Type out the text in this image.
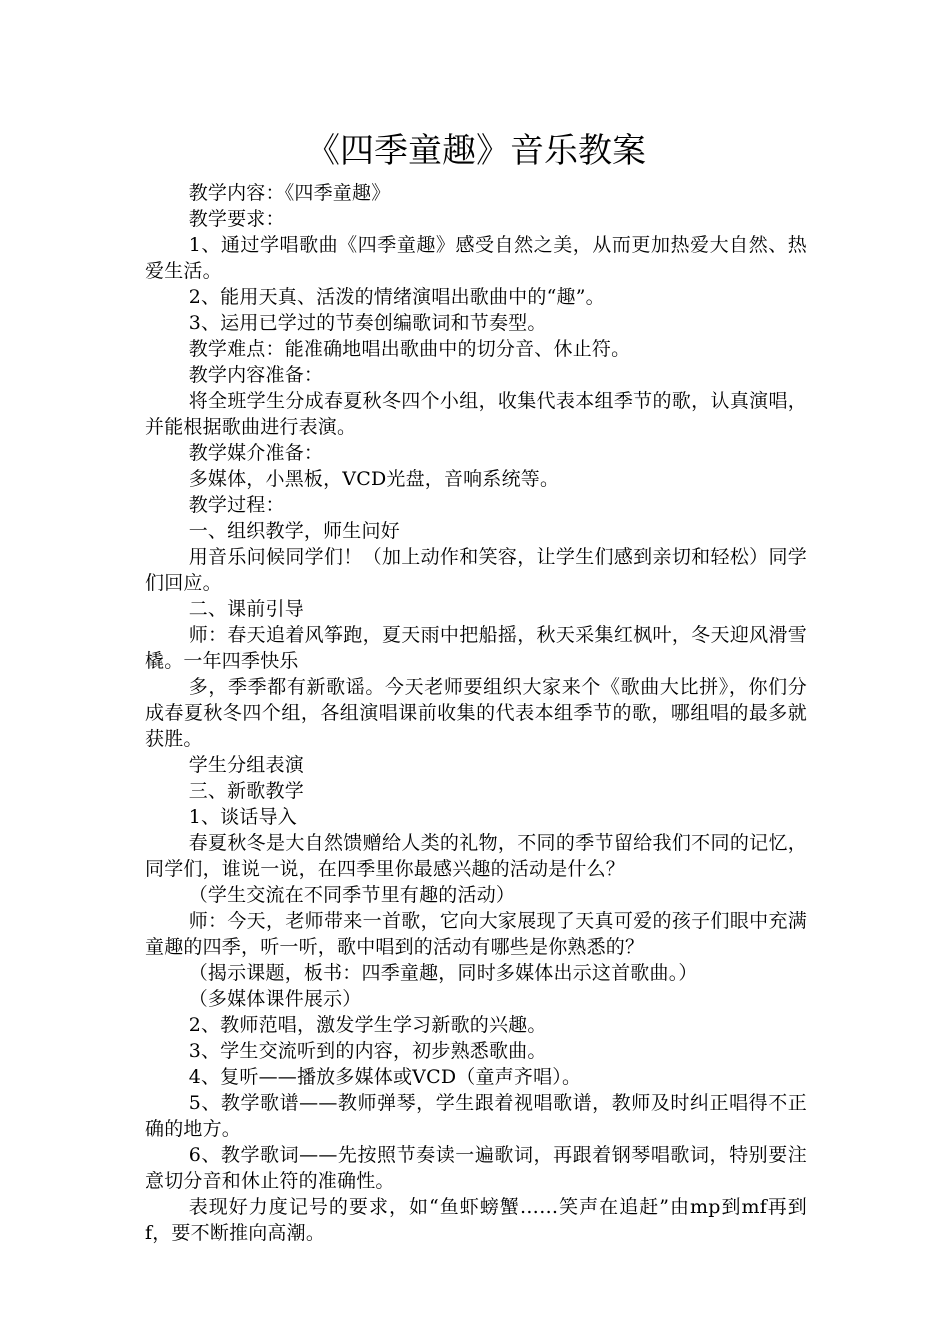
《四季童趣》音乐教案

教学内容：《四季童趣》

教学要求：

1、通过学唱歌曲《四季童趣》感受自然之美，从而更加热爱大自然、热爱生活。

2、能用天真、活泼的情绪演唱出歌曲中的“趣”。

3、运用已学过的节奏创编歌词和节奏型。

教学难点：能准确地唱出歌曲中的切分音、休止符。

教学内容准备：

将全班学生分成春夏秋冬四个小组，收集代表本组季节的歌，认真演唱，并能根据歌曲进行表演。

教学媒介准备：

多媒体，小黑板，VCD光盘，音响系统等。

教学过程：

一、组织教学，师生问好

用音乐问候同学们！（加上动作和笑容，让学生们感到亲切和轻松）同学们回应。

二、课前引导

师：春天追着风筝跑，夏天雨中把船摇，秋天采集红枫叶，冬天迎风滑雪橇。一年四季快乐

多，季季都有新歌谣。今天老师要组织大家来个《歌曲大比拼》，你们分成春夏秋冬四个组，各组演唱课前收集的代表本组季节的歌，哪组唱的最多就获胜。

学生分组表演

三、新歌教学

1、谈话导入

春夏秋冬是大自然馈赠给人类的礼物，不同的季节留给我们不同的记忆，同学们，谁说一说，在四季里你最感兴趣的活动是什么？

（学生交流在不同季节里有趣的活动）

师：今天，老师带来一首歌，它向大家展现了天真可爱的孩子们眼中充满童趣的四季，听一听，歌中唱到的活动有哪些是你熟悉的？

（揭示课题，板书：四季童趣，同时多媒体出示这首歌曲。）

（多媒体课件展示）

2、教师范唱，激发学生学习新歌的兴趣。

3、学生交流听到的内容，初步熟悉歌曲。

4、复听——播放多媒体或VCD（童声齐唱）。

5、教学歌谱——教师弹琴，学生跟着视唱歌谱，教师及时纠正唱得不正确的地方。

6、教学歌词——先按照节奏读一遍歌词，再跟着钢琴唱歌词，特别要注意切分音和休止符的准确性。

表现好力度记号的要求，如“鱼虾螃蟹……笑声在追赶”由mp到mf再到f，要不断推向高潮。
